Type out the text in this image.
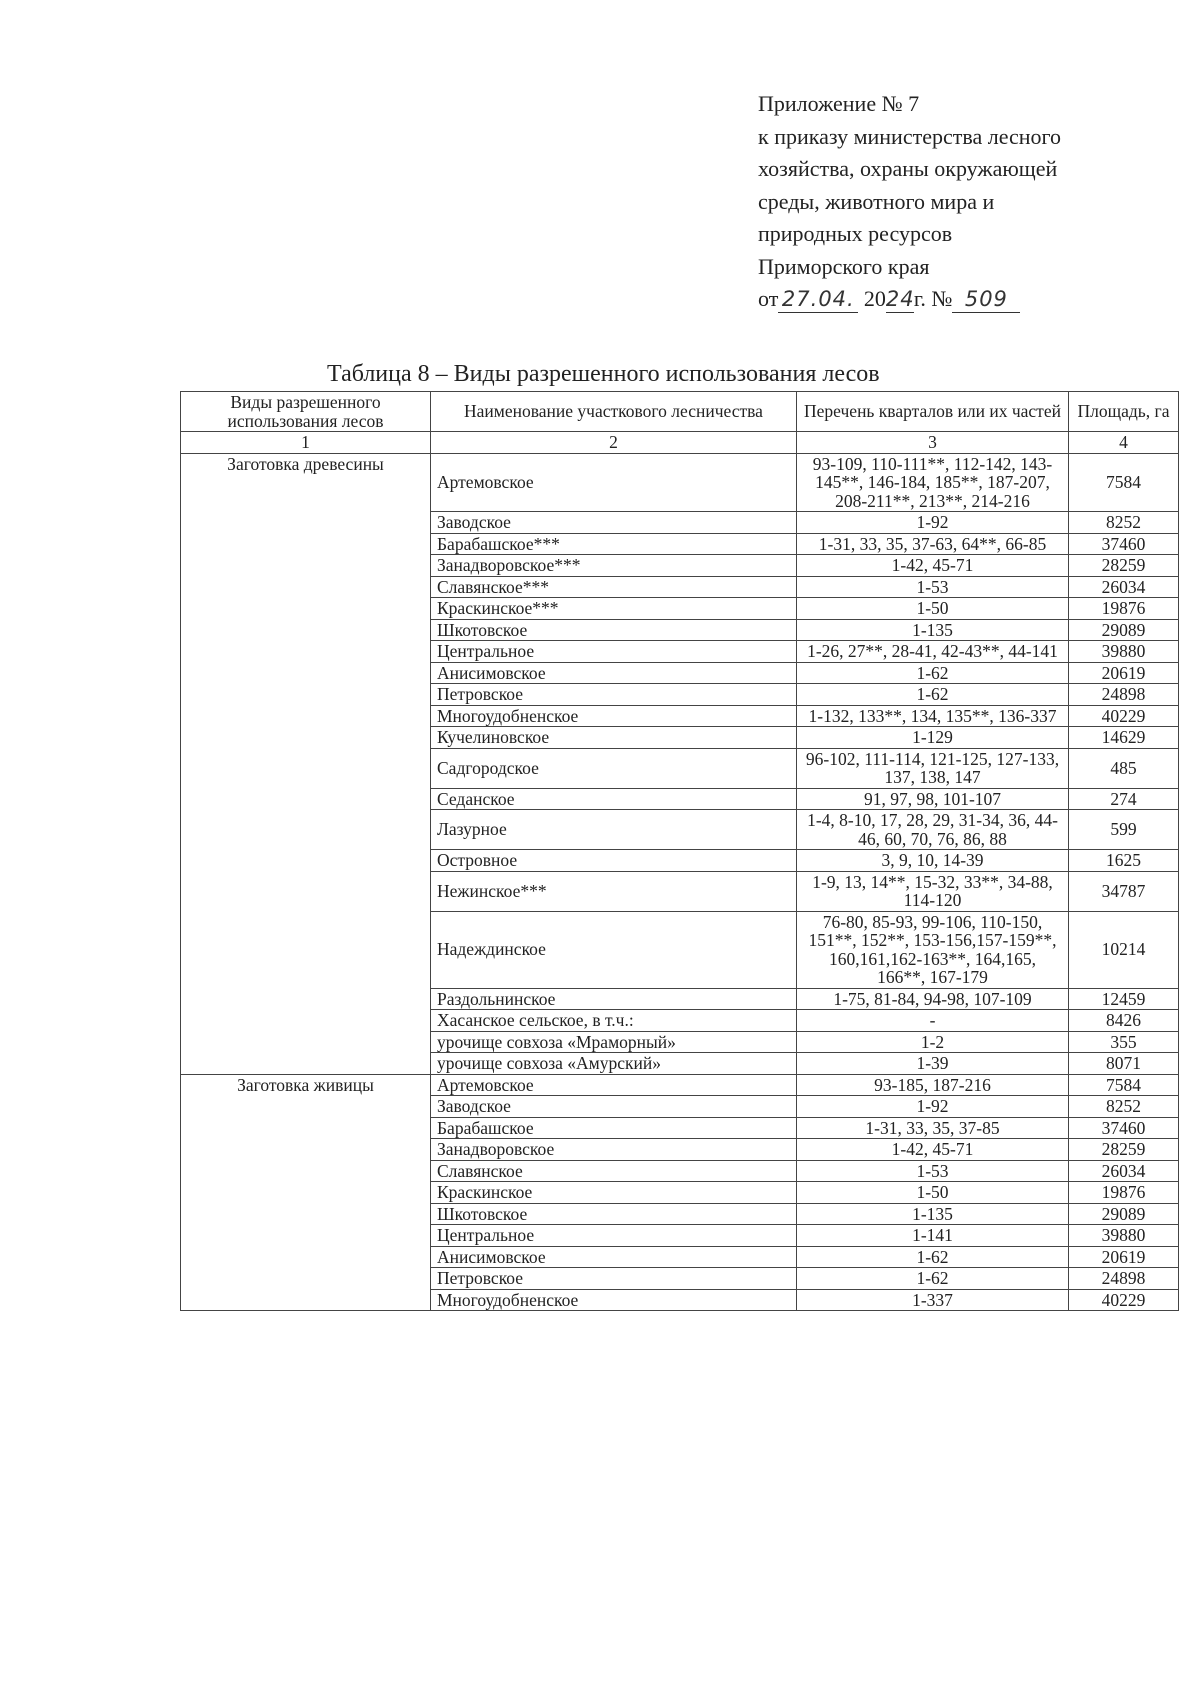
Приложение № 7
к приказу министерства лесного
хозяйства, охраны окружающей
среды, животного мира и
природных ресурсов
Приморского края
от 27.04. 2024г. № 509
Таблица 8 – Виды разрешенного использования лесов
Виды разрешенного использования лесов	Наименование участкового лесничества	Перечень кварталов или их частей	Площадь, га
1	2	3	4
Заготовка древесины	Артемовское	93-109, 110-111**, 112-142, 143-145**, 146-184, 185**, 187-207, 208-211**, 213**, 214-216	7584
	Заводское	1-92	8252
	Барабашское***	1-31, 33, 35, 37-63, 64**, 66-85	37460
	Занадворовское***	1-42, 45-71	28259
	Славянское***	1-53	26034
	Краскинское***	1-50	19876
	Шкотовское	1-135	29089
	Центральное	1-26, 27**, 28-41, 42-43**, 44-141	39880
	Анисимовское	1-62	20619
	Петровское	1-62	24898
	Многоудобненское	1-132, 133**, 134, 135**, 136-337	40229
	Кучелиновское	1-129	14629
	Садгородское	96-102, 111-114, 121-125, 127-133, 137, 138, 147	485
	Седанское	91, 97, 98, 101-107	274
	Лазурное	1-4, 8-10, 17, 28, 29, 31-34, 36, 44-46, 60, 70, 76, 86, 88	599
	Островное	3, 9, 10, 14-39	1625
	Нежинское***	1-9, 13, 14**, 15-32, 33**, 34-88, 114-120	34787
	Надеждинское	76-80, 85-93, 99-106, 110-150, 151**, 152**, 153-156,157-159**, 160,161,162-163**, 164,165, 166**, 167-179	10214
	Раздольнинское	1-75, 81-84, 94-98, 107-109	12459
	Хасанское сельское, в т.ч.:	-	8426
	урочище совхоза «Мраморный»	1-2	355
	урочище совхоза «Амурский»	1-39	8071
Заготовка живицы	Артемовское	93-185, 187-216	7584
	Заводское	1-92	8252
	Барабашское	1-31, 33, 35, 37-85	37460
	Занадворовское	1-42, 45-71	28259
	Славянское	1-53	26034
	Краскинское	1-50	19876
	Шкотовское	1-135	29089
	Центральное	1-141	39880
	Анисимовское	1-62	20619
	Петровское	1-62	24898
	Многоудобненское	1-337	40229
